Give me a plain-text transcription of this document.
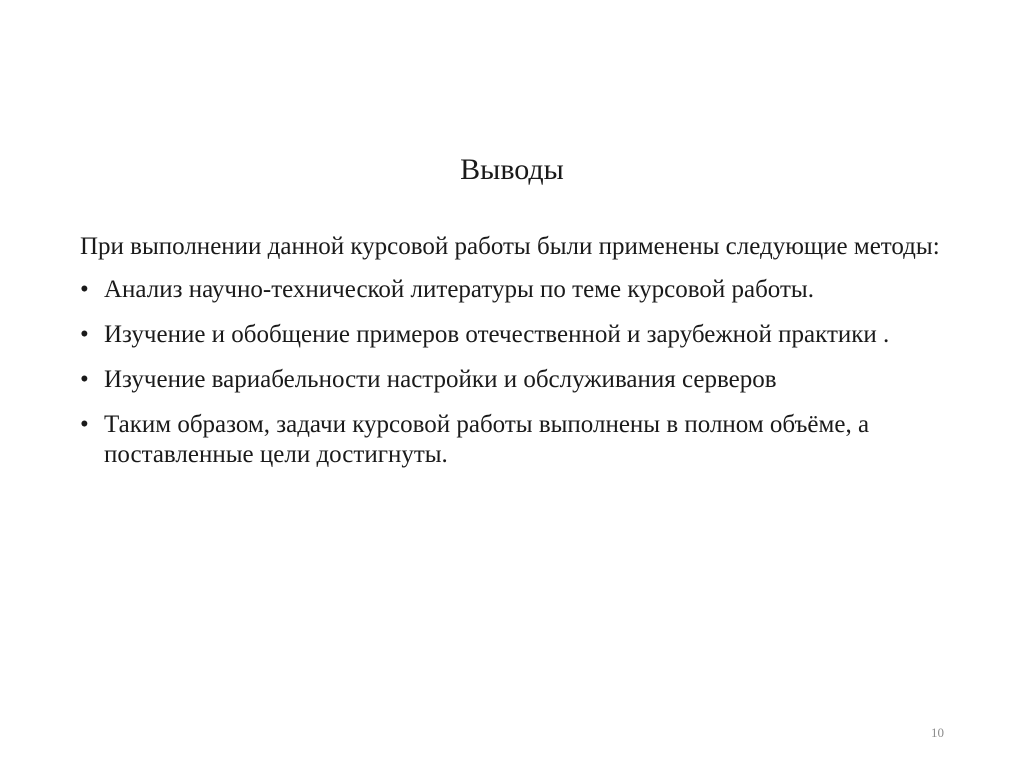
Выводы

При выполнении данной курсовой работы были применены следующие методы:

• Анализ научно-технической литературы по теме курсовой работы.
• Изучение и обобщение примеров отечественной и зарубежной практики .
• Изучение вариабельности настройки и обслуживания серверов
• Таким образом, задачи курсовой работы выполнены в полном объёме, а поставленные цели достигнуты.
10
